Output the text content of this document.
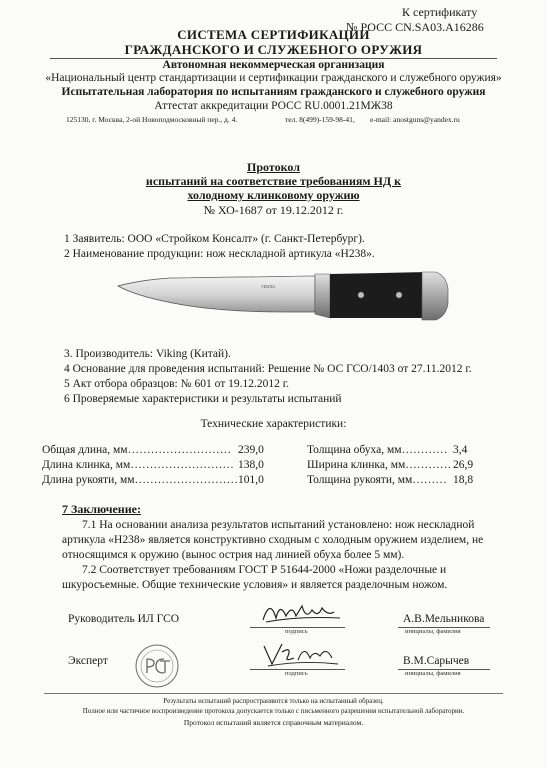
К сертификату
№ РОСС CN.SA03.A16286
СИСТЕМА СЕРТИФИКАЦИИ
ГРАЖДАНСКОГО И СЛУЖЕБНОГО ОРУЖИЯ
Автономная некоммерческая организация
«Национальный центр стандартизации и сертификации гражданского и служебного оружия»
Испытательная лаборатория по испытаниям гражданского и служебного оружия
Аттестат аккредитации РОСС RU.0001.21МЖ38
125130, г. Москва, 2-ой Новоподмосковный пер., д. 4.	тел. 8(499)-159-98-41, е-mail: anostguns@yandex.ru
Протокол
испытаний на соответствие требованиям НД к
холодному клинковому оружию
№ ХО-1687 от 19.12.2012 г.
1 Заявитель: ООО «Стройком Консалт» (г. Санкт-Петербург).
2 Наименование продукции: нож нескладной артикула «Н238».
VIKING
3. Производитель: Viking (Китай).
4 Основание для проведения испытаний: Решение № ОС ГСО/1403 от 27.11.2012 г.
5 Акт отбора образцов: № 601 от 19.12.2012 г.
6 Проверяемые характеристики и результаты испытаний
Технические характеристики:
Общая длина, мм……………………… 239,0
Длина клинка, мм……………………… 138,0
Длина рукояти, мм……………………… 101,0
Толщина обуха, мм………… 3,4
Ширина клинка, мм………… 26,9
Толщина рукояти, мм……… 18,8
7 Заключение:
7.1 На основании анализа результатов испытаний установлено: нож нескладной
артикула «Н238» является конструктивно сходным с холодным оружием изделием, не
относящимся к оружию (вынос острия над линией обуха более 5 мм).
7.2 Соответствует требованиям ГОСТ Р 51644-2000 «Ножи разделочные и
шкуросъемные. Общие технические условия» и является разделочным ножом.
Руководитель ИЛ ГСО
подпись
А.В.Мельникова
инициалы, фамилия
Эксперт
подпись
В.М.Сарычев
инициалы, фамилия
Результаты испытаний распространяются только на испытанный образец.
Полное или частичное воспроизведение протокола допускается только с письменного разрешения испытательной лаборатории.
Протокол испытаний является справочным материалом.
